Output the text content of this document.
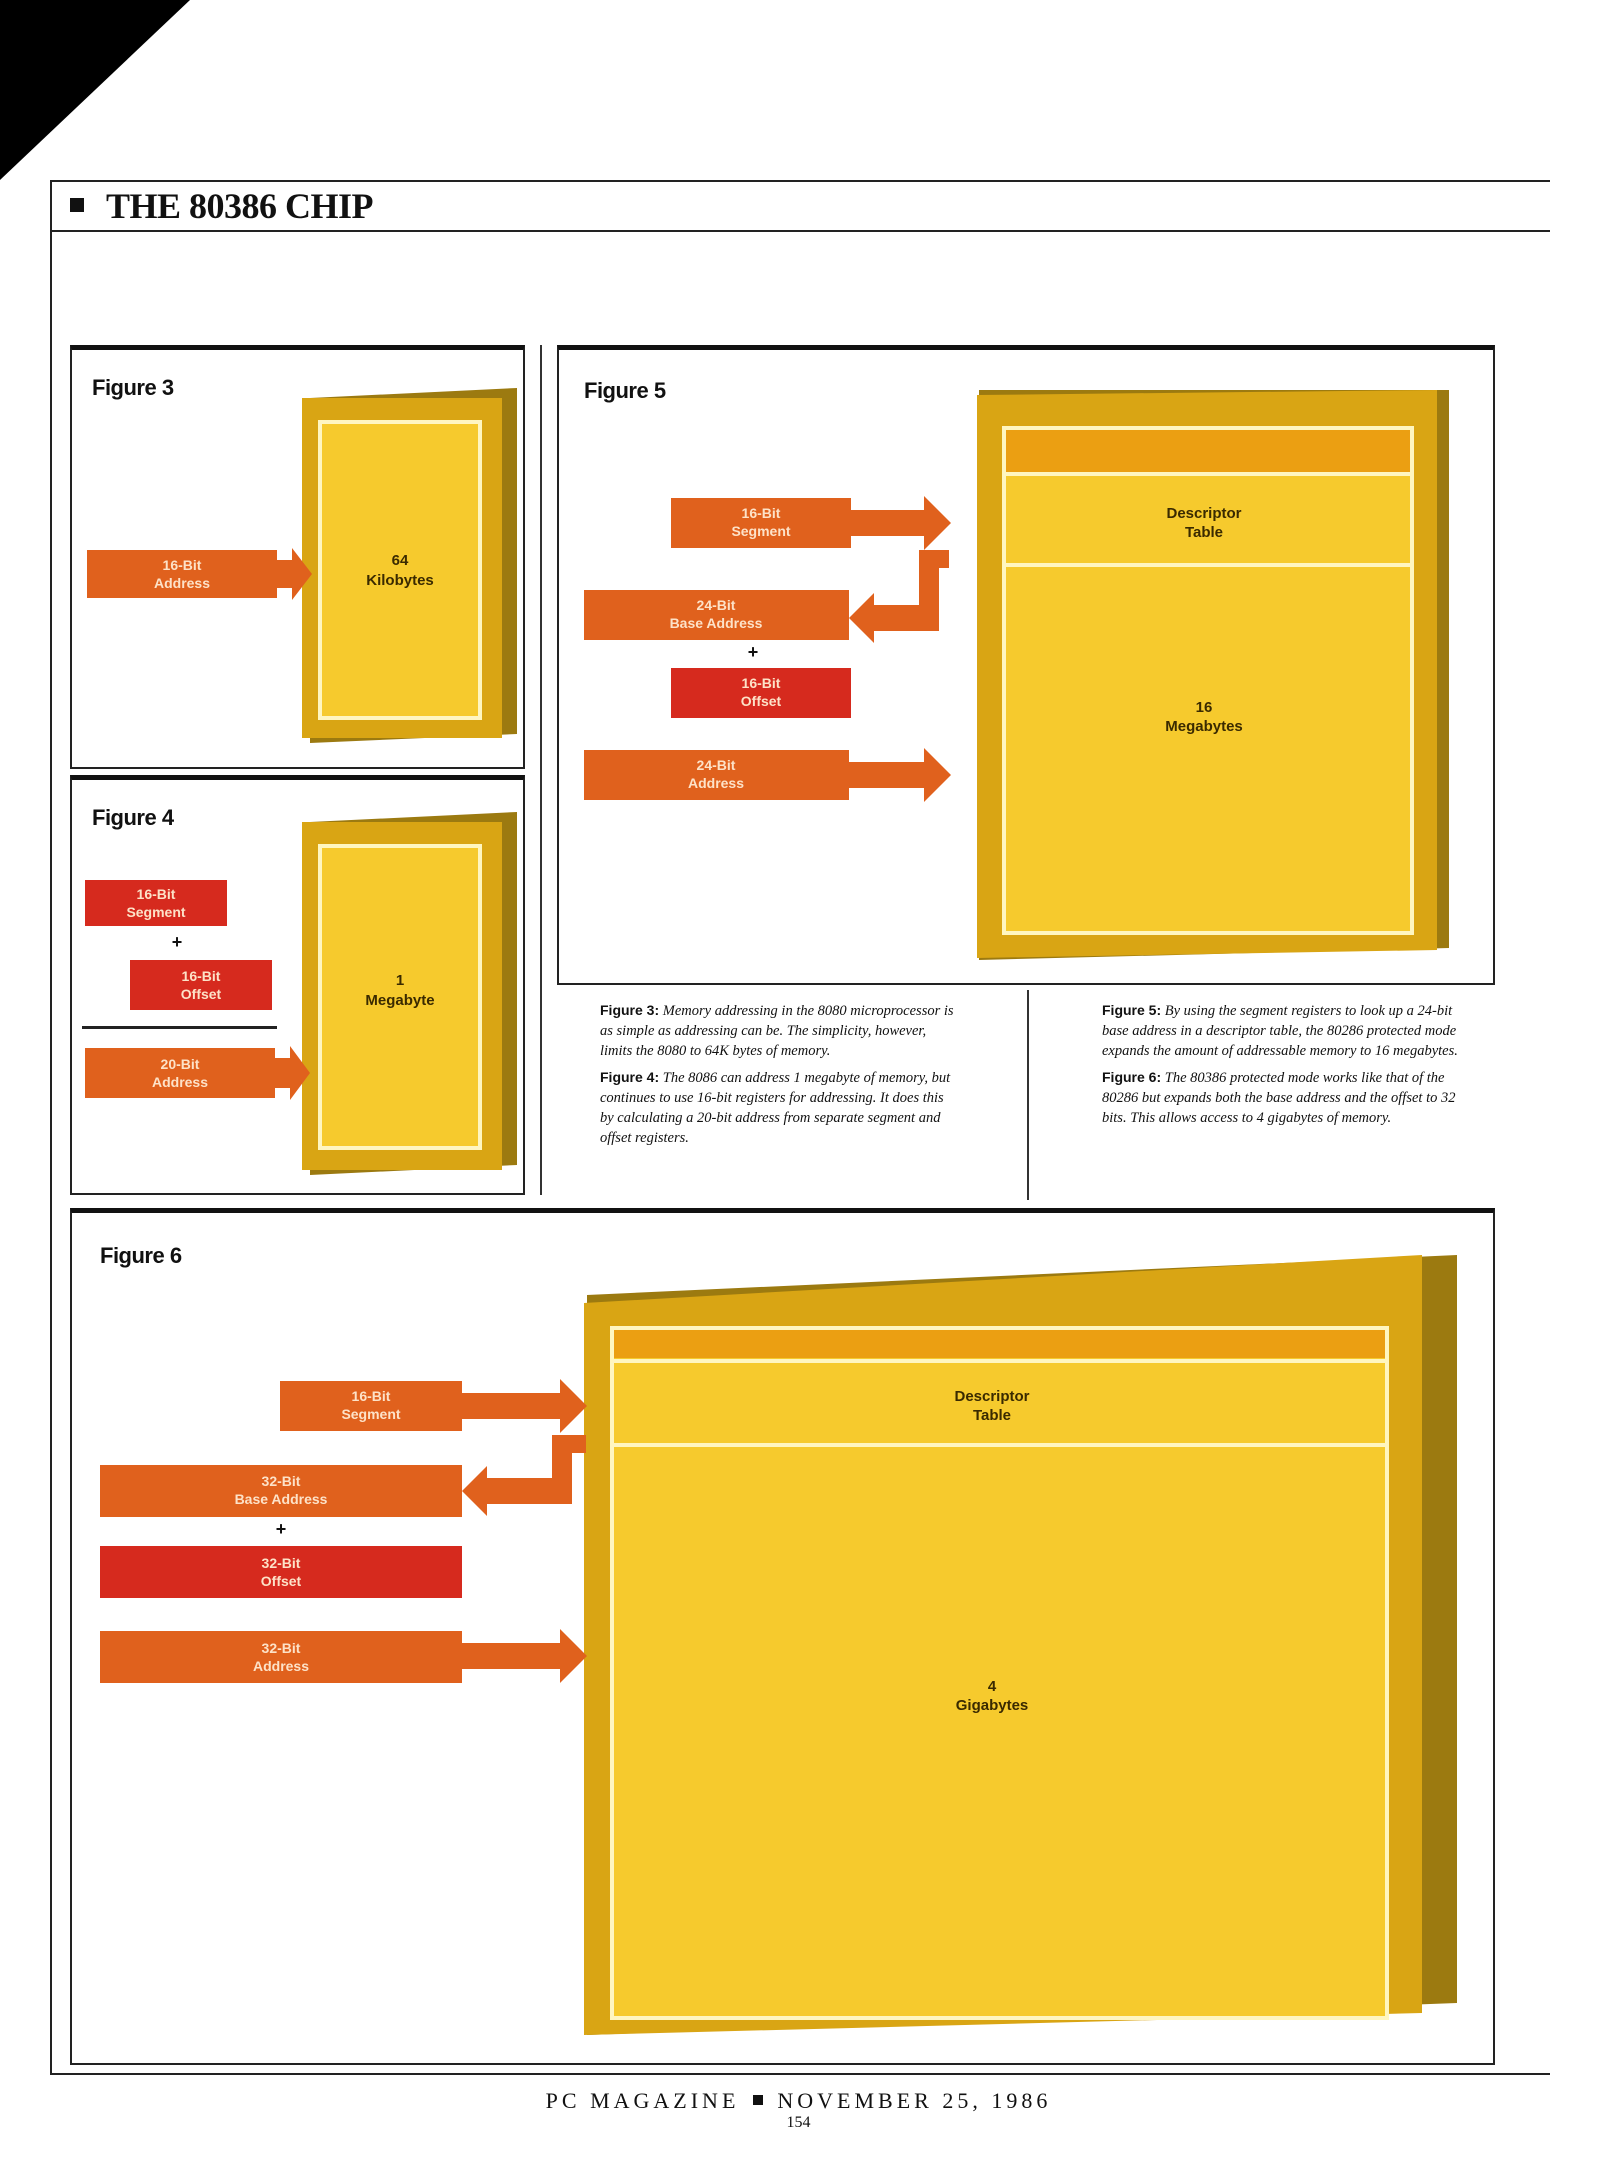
THE 80386 CHIP
Figure 3
64
Kilobytes
16-Bit
Address
Figure 4
1
Megabyte
16-Bit
Segment
+
16-Bit
Offset
20-Bit
Address
Figure 5
Descriptor
Table
16
Megabytes
16-Bit
Segment
24-Bit
Base Address
+
16-Bit
Offset
24-Bit
Address

Figure 3: Memory addressing in the 8080 microprocessor is as simple as addressing can be. The simplicity, however, limits the 8080 to 64K bytes of memory.

Figure 4: The 8086 can address 1 megabyte of memory, but continues to use 16-bit registers for addressing. It does this by calculating a 20-bit address from separate segment and offset registers.

Figure 5: By using the segment registers to look up a 24-bit base address in a descriptor table, the 80286 protected mode expands the amount of addressable memory to 16 megabytes.

Figure 6: The 80386 protected mode works like that of the 80286 but expands both the base address and the offset to 32 bits. This allows access to 4 gigabytes of memory.

Figure 6
Descriptor
Table
4
Gigabytes
16-Bit
Segment
32-Bit
Base Address
+
32-Bit
Offset
32-Bit
Address
PC MAGAZINE NOVEMBER 25, 1986
154
